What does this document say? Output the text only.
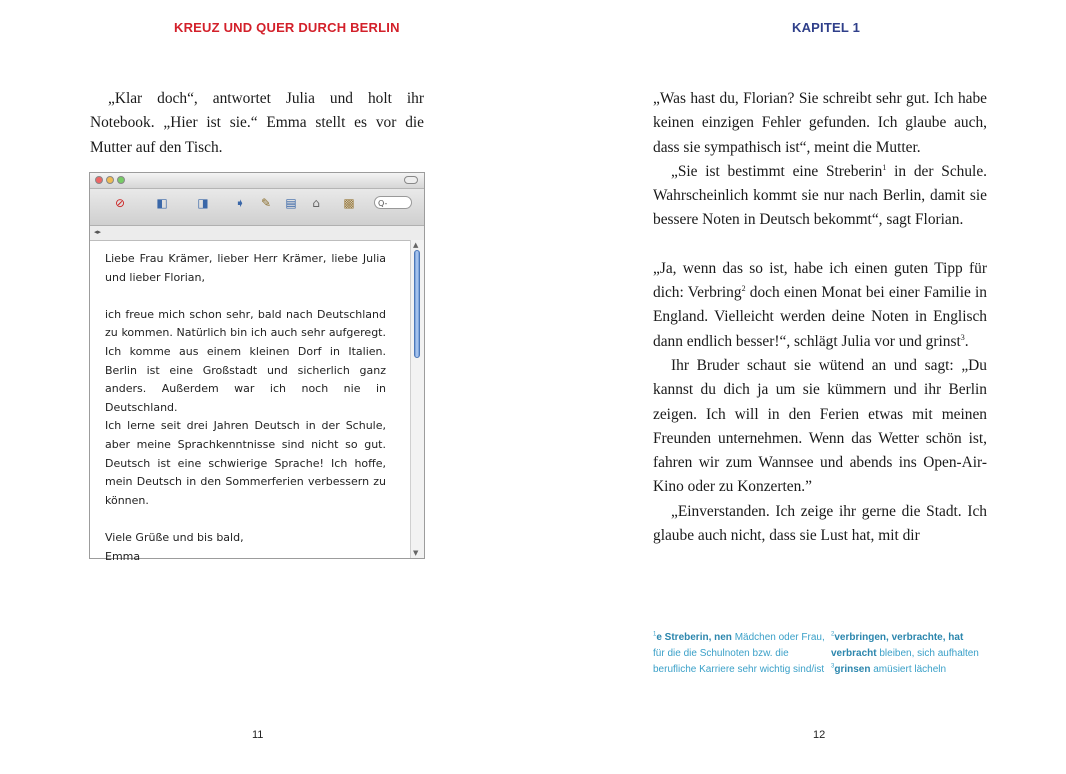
KREUZ UND QUER DURCH BERLIN

„Klar doch“, antwortet Julia und holt ihr Notebook. „Hier ist sie.“ Emma stellt es vor die Mutter auf den Tisch.

⊘	◧ ◨ ➧ ✎ ▤	⌂	▩	Q-
◂▸

Liebe Frau Krämer, lieber Herr Krämer, liebe Julia und lieber Florian,

ich freue mich schon sehr, bald nach Deutschland zu kommen. Natürlich bin ich auch sehr aufgeregt. Ich komme aus einem kleinen Dorf in Italien. Berlin ist eine Großstadt und sicherlich ganz anders. Außerdem war ich noch nie in Deutschland.

Ich lerne seit drei Jahren Deutsch in der Schule, aber meine Sprachkenntnisse sind nicht so gut. Deutsch ist eine schwierige Sprache! Ich hoffe, mein Deutsch in den Sommerferien verbessern zu können.

Viele Grüße und bis bald,

Emma

▲
▼
11
KAPITEL 1

„Was hast du, Florian? Sie schreibt sehr gut. Ich habe keinen einzigen Fehler gefunden. Ich glaube auch, dass sie sympathisch ist“, meint die Mutter.

„Sie ist bestimmt eine Streberin$^1$ in der Schule. Wahrscheinlich kommt sie nur nach Berlin, damit sie bessere Noten in Deutsch bekommt“, sagt Florian.

„Ja, wenn das so ist, habe ich einen guten Tipp für dich: Verbring$^2$ doch einen Monat bei einer Familie in England. Vielleicht werden deine Noten in Englisch dann endlich besser!“, schlägt Julia vor und grinst$^3$.

Ihr Bruder schaut sie wütend an und sagt: „Du kannst du dich ja um sie kümmern und ihr Berlin zeigen. Ich will in den Ferien etwas mit meinen Freunden unternehmen. Wenn das Wetter schön ist, fahren wir zum Wannsee und abends ins Open-Air-Kino oder zu Konzerten.”

„Einverstanden. Ich zeige ihr gerne die Stadt. Ich glaube auch nicht, dass sie Lust hat, mit dir

$^1$e Streberin, nen Mädchen oder Frau, für die die Schulnoten bzw. die berufliche Karriere sehr wichtig sind/ist
$^2$verbringen, verbrachte, hat verbracht bleiben, sich aufhalten
$^3$grinsen amüsiert lächeln
12
